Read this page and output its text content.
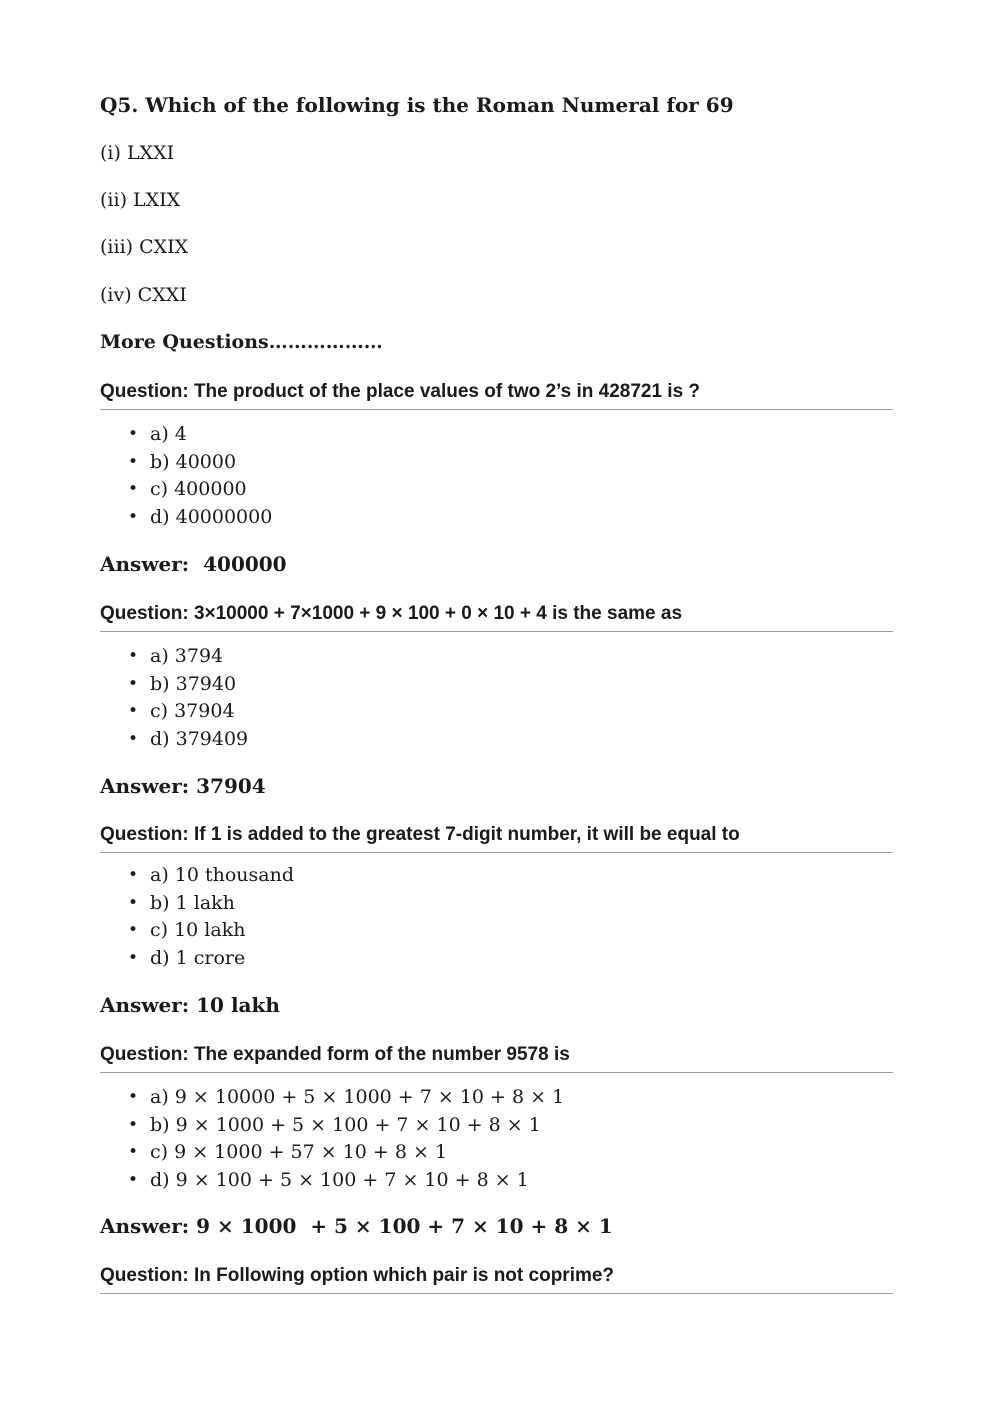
Q5. Which of the following is the Roman Numeral for 69
(i) LXXI
(ii) LXIX
(iii) CXIX
(iv) CXXI
More Questions………………
Question: The product of the place values of two 2’s in 428721 is ?
• a) 4
• b) 40000
• c) 400000
• d) 40000000
Answer:  400000
Question: 3×10000 + 7×1000 + 9 × 100 + 0 × 10 + 4 is the same as
• a) 3794
• b) 37940
• c) 37904
• d) 379409
Answer: 37904
Question: If 1 is added to the greatest 7-digit number, it will be equal to
• a) 10 thousand
• b) 1 lakh
• c) 10 lakh
• d) 1 crore
Answer: 10 lakh
Question: The expanded form of the number 9578 is
• a) 9 × 10000 + 5 × 1000 + 7 × 10 + 8 × 1
• b) 9 × 1000 + 5 × 100 + 7 × 10 + 8 × 1
• c) 9 × 1000 + 57 × 10 + 8 × 1
• d) 9 × 100 + 5 × 100 + 7 × 10 + 8 × 1
Answer: 9 × 1000  + 5 × 100 + 7 × 10 + 8 × 1
Question: In Following option which pair is not coprime?
